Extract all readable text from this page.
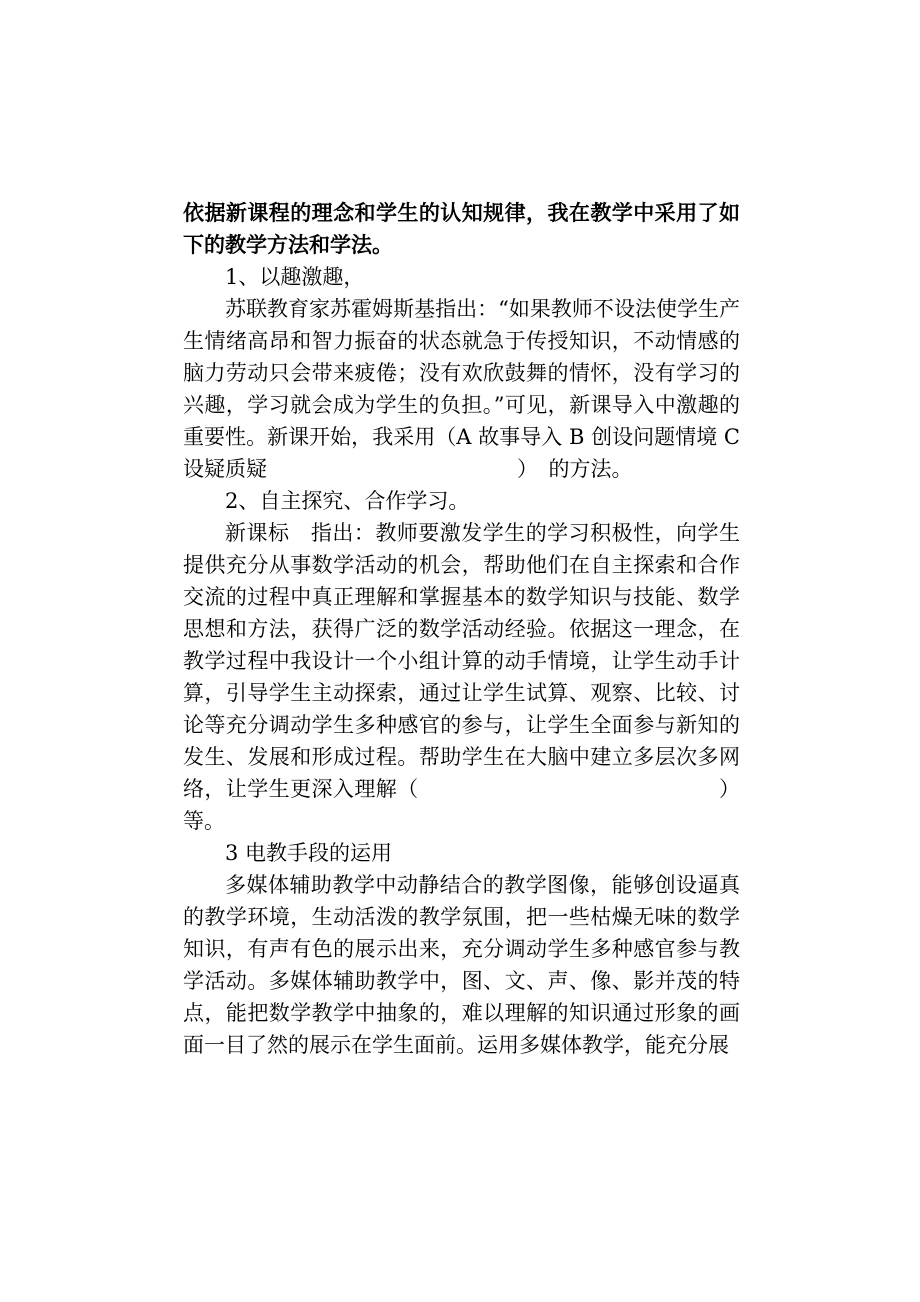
依据新课程的理念和学生的认知规律，我在教学中采用了如下的教学方法和学法。

1、以趣激趣，

苏联教育家苏霍姆斯基指出：“如果教师不设法使学生产生情绪高昂和智力振奋的状态就急于传授知识，不动情感的脑力劳动只会带来疲倦；没有欢欣鼓舞的情怀，没有学习的兴趣，学习就会成为学生的负担。”可见，新课导入中激趣的重要性。新课开始，我采用（A 故事导入 B 创设问题情境 C 设疑质疑	）　的方法。

2、自主探究、合作学习。

新课标　指出：教师要激发学生的学习积极性，向学生提供充分从事数学活动的机会，帮助他们在自主探索和合作交流的过程中真正理解和掌握基本的数学知识与技能、数学思想和方法，获得广泛的数学活动经验。依据这一理念，在教学过程中我设计一个小组计算的动手情境，让学生动手计算，引导学生主动探索，通过让学生试算、观察、比较、讨论等充分调动学生多种感官的参与，让学生全面参与新知的发生、发展和形成过程。帮助学生在大脑中建立多层次多网络，让学生更深入理解（	）等。

3 电教手段的运用

多媒体辅助教学中动静结合的教学图像，能够创设逼真的教学环境，生动活泼的教学氛围，把一些枯燥无味的数学知识，有声有色的展示出来，充分调动学生多种感官参与教学活动。多媒体辅助教学中，图、文、声、像、影并茂的特点，能把数学教学中抽象的，难以理解的知识通过形象的画面一目了然的展示在学生面前。运用多媒体教学，能充分展
